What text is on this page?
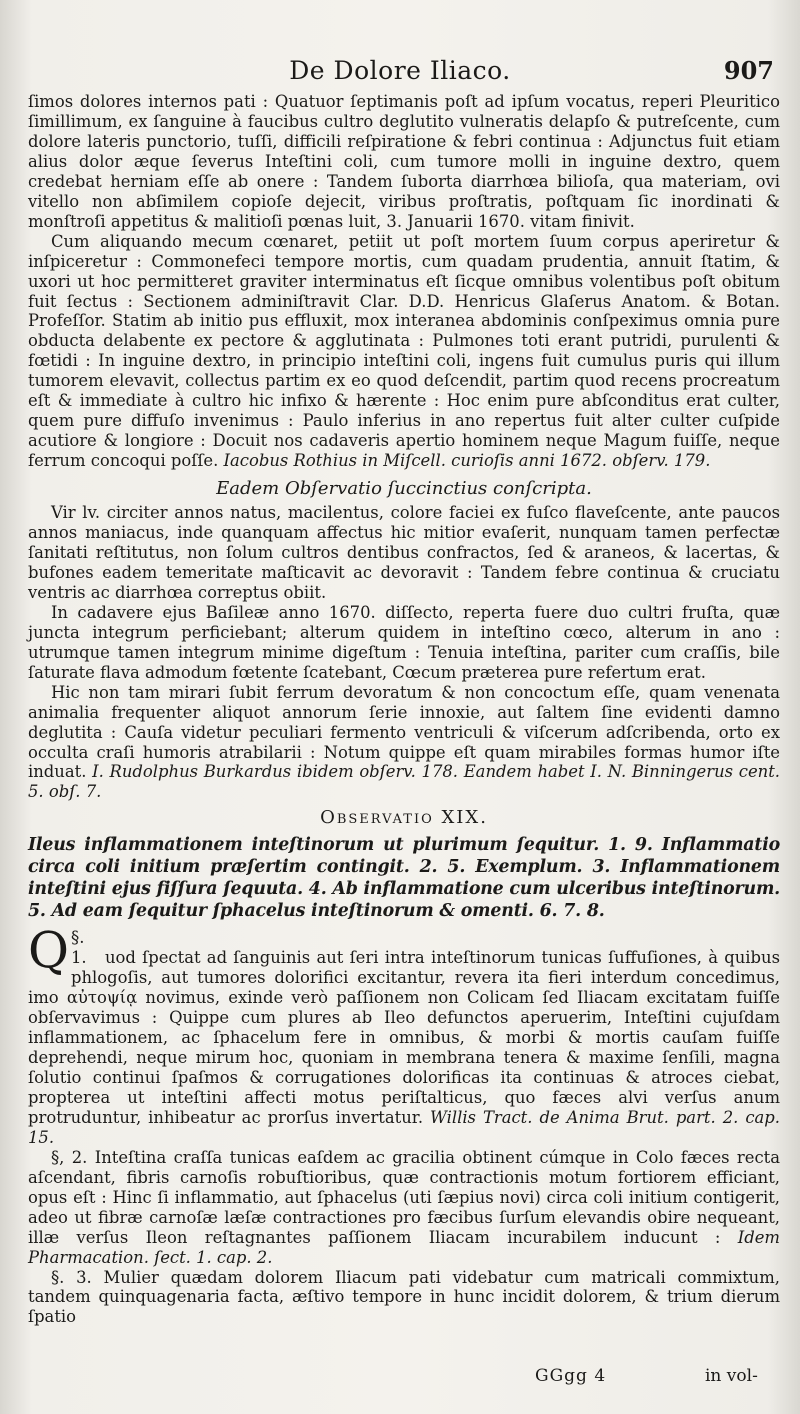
De Dolore Iliaco.	907

ſimos dolores internos pati : Quatuor ſeptimanis poſt ad ipſum vocatus, reperi Pleuritico ſimillimum, ex ſanguine à faucibus cultro deglutito vulneratis delapſo & putreſcente, cum dolore lateris punctorio, tuſſi, difficili reſpiratione & febri continua : Adjunctus fuit etiam alius dolor æque ſeverus Inteſtini coli, cum tumore molli in inguine dextro, quem credebat herniam eſſe ab onere : Tandem ſuborta diarrhœa bilioſa, qua materiam, ovi vitello non abſimilem copioſe dejecit, viribus proſtratis, poſtquam ſic inordinati & monſtroſi appetitus & malitioſi pœnas luit, 3. Januarii 1670. vitam finivit.

Cum aliquando mecum cœnaret, petiit ut poſt mortem ſuum corpus aperiretur & inſpiceretur : Commonefeci tempore mortis, cum quadam prudentia, annuit ſtatim, & uxori ut hoc permitteret graviter interminatus eſt ſicque omnibus volentibus poſt obitum fuit ſectus : Sectionem adminiſtravit Clar. D.D. Henricus Glaſerus Anatom. & Botan. Profeſſor. Statim ab initio pus effluxit, mox interanea abdominis conſpeximus omnia pure obducta delabente ex pectore & agglutinata : Pulmones toti erant putridi, purulenti & fœtidi : In inguine dextro, in principio inteſtini coli, ingens fuit cumulus puris qui illum tumorem elevavit, collectus partim ex eo quod deſcendit, partim quod recens procreatum eſt & immediate à cultro hic infixo & hærente : Hoc enim pure abſconditus erat culter, quem pure diffuſo invenimus : Paulo inferius in ano repertus fuit alter culter cuſpide acutiore & longiore : Docuit nos cadaveris apertio hominem neque Magum fuiſſe, neque ferrum concoqui poſſe. Iacobus Rothius in Miſcell. curioſis anni 1672. obſerv. 179.

Eadem Obſervatio ſuccinctius conſcripta.

Vir lv. circiter annos natus, macilentus, colore faciei ex fuſco flaveſcente, ante paucos annos maniacus, inde quanquam affectus hic mitior evaſerit, nunquam tamen perfectæ ſanitati reſtitutus, non ſolum cultros dentibus confractos, ſed & araneos, & lacertas, & bufones eadem temeritate maſticavit ac devoravit : Tandem febre continua & cruciatu ventris ac diarrhœa correptus obiit.

In cadavere ejus Baſileæ anno 1670. diſſecto, reperta fuere duo cultri fruſta, quæ juncta integrum perficiebant; alterum quidem in inteſtino cœco, alterum in ano : utrumque tamen integrum minime digeſtum : Tenuia inteſtina, pariter cum craſſis, bile ſaturate flava admodum fœtente ſcatebant, Cœcum præterea pure refertum erat.

Hic non tam mirari ſubit ferrum devoratum & non concoctum eſſe, quam venenata animalia frequenter aliquot annorum ſerie innoxie, aut ſaltem ſine evidenti damno deglutita : Cauſa videtur peculiari fermento ventriculi & viſcerum adſcribenda, orto ex occulta craſi humoris atrabilarii : Notum quippe eſt quam mirabiles formas humor iſte induat. I. Rudolphus Burkardus ibidem obſerv. 178. Eandem habet I. N. Binningerus cent. 5. obſ. 7.

Observatio XIX.

Ileus inflammationem inteſtinorum ut plurimum ſequitur. 1. 9. Inflammatio circa coli initium præſertim contingit. 2. 5. Exemplum. 3. Inflammationem inteſtini ejus fiſſura ſequuta. 4. Ab inflammatione cum ulceribus inteſtinorum. 5. Ad eam ſequitur ſphacelus inteſtinorum & omenti. 6. 7. 8.

§. 1.
Q uod ſpectat ad ſanguinis aut ſeri intra inteſtinorum tunicas ſuffuſiones, à quibus phlogoſis, aut tumores dolorifici excitantur, revera ita fieri interdum concedimus, imo αὐτοψίᾳ novimus, exinde verò paſſionem non Colicam ſed Iliacam excitatam fuiſſe obſervavimus : Quippe cum plures ab Ileo defunctos aperuerim, Inteſtini cujuſdam inflammationem, ac ſphacelum fere in omnibus, & morbi & mortis cauſam fuiſſe deprehendi, neque mirum hoc, quoniam in membrana tenera & maxime ſenſili, magna ſolutio continui ſpaſmos & corrugationes dolorificas ita continuas & atroces ciebat, propterea ut inteſtini affecti motus periſtalticus, quo fæces alvi verſus anum protruduntur, inhibeatur ac prorſus invertatur. Willis Tract. de Anima Brut. part. 2. cap. 15.

§, 2. Inteſtina craſſa tunicas eaſdem ac gracilia obtinent cúmque in Colo fæces recta aſcendant, fibris carnoſis robuſtioribus, quæ contractionis motum fortiorem efficiant, opus eſt : Hinc ſi inflammatio, aut ſphacelus (uti ſæpius novi) circa coli initium contigerit, adeo ut fibræ carnoſæ læſæ contractiones pro fæcibus ſurſum elevandis obire nequeant, illæ verſus Ileon reſtagnantes paſſionem Iliacam incurabilem inducunt : Idem Pharmacation. ſect. 1. cap. 2.

§. 3. Mulier quædam dolorem Iliacum pati videbatur cum matricali commixtum, tandem quinquagenaria facta, æſtivo tempore in hunc incidit dolorem, & trium dierum ſpatio

GGgg 4	in vol-
